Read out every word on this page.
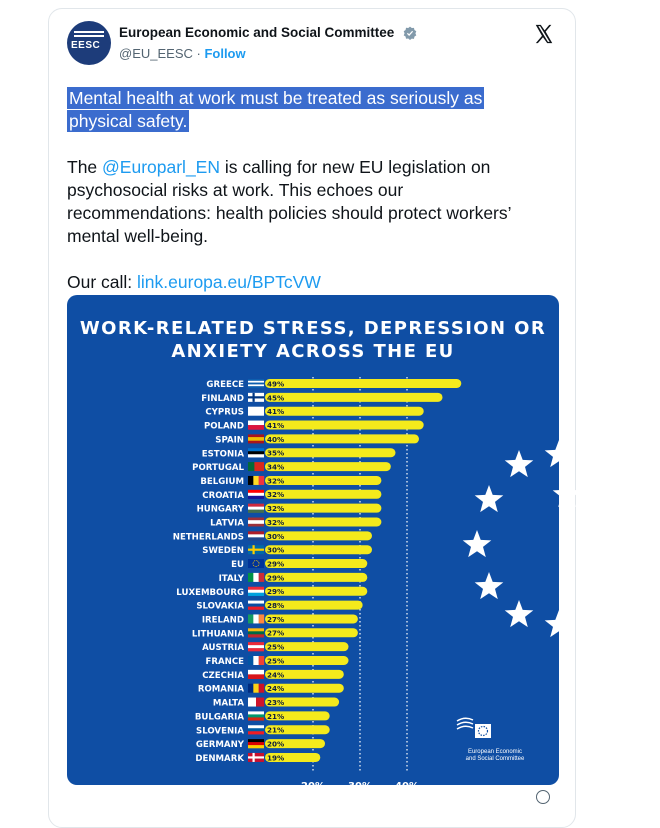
EESC
European Economic and Social Committee
@EU_EESC · Follow
Mental health at work must be treated as seriously as
physical safety.
The @Europarl_EN is calling for new EU legislation on psychosocial risks at work. This echoes our recommendations: health policies should protect workers’ mental well-being.
Our call: link.europa.eu/BPTcVW
20% 30% 40%
GREECE	49%
FINLAND	45%
CYPRUS	41%
POLAND	41%
SPAIN	40%
ESTONIA	35%
PORTUGAL	34%
BELGIUM	32%
CROATIA	32%
HUNGARY	32%
LATVIA	32%
NETHERLANDS	30%
SWEDEN	30%
EU	29%
ITALY	29%
LUXEMBOURG	29%
SLOVAKIA	28%
IRELAND	27%
LITHUANIA	27%
AUSTRIA	25%
FRANCE	25%
CZECHIA	24%
ROMANIA	24%
MALTA	23%
BULGARIA	21%
SLOVENIA	21%
GERMANY	20%
DENMARK	19%
WORK-RELATED STRESS, DEPRESSION OR
ANXIETY ACROSS THE EU
European Economic
and Social Committee
